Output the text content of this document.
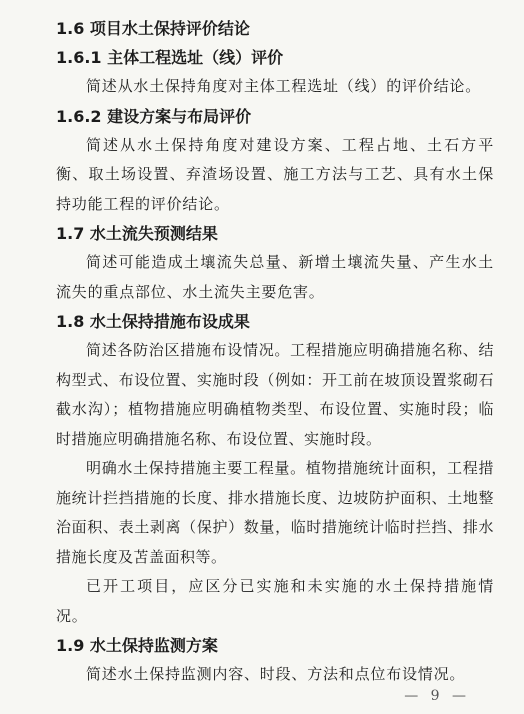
1.6 项目水土保持评价结论
1.6.1 主体工程选址（线）评价

简述从水土保持角度对主体工程选址（线）的评价结论。

1.6.2 建设方案与布局评价

简述从水土保持角度对建设方案、工程占地、土石方平衡、取土场设置、弃渣场设置、施工方法与工艺、具有水土保持功能工程的评价结论。

1.7 水土流失预测结果

简述可能造成土壤流失总量、新增土壤流失量、产生水土流失的重点部位、水土流失主要危害。

1.8 水土保持措施布设成果

简述各防治区措施布设情况。工程措施应明确措施名称、结构型式、布设位置、实施时段（例如：开工前在坡顶设置浆砌石截水沟）；植物措施应明确植物类型、布设位置、实施时段；临时措施应明确措施名称、布设位置、实施时段。

明确水土保持措施主要工程量。植物措施统计面积，工程措施统计拦挡措施的长度、排水措施长度、边坡防护面积、土地整治面积、表土剥离（保护）数量，临时措施统计临时拦挡、排水措施长度及苫盖面积等。

已开工项目，应区分已实施和未实施的水土保持措施情况。

1.9 水土保持监测方案

简述水土保持监测内容、时段、方法和点位布设情况。

— 9 —
